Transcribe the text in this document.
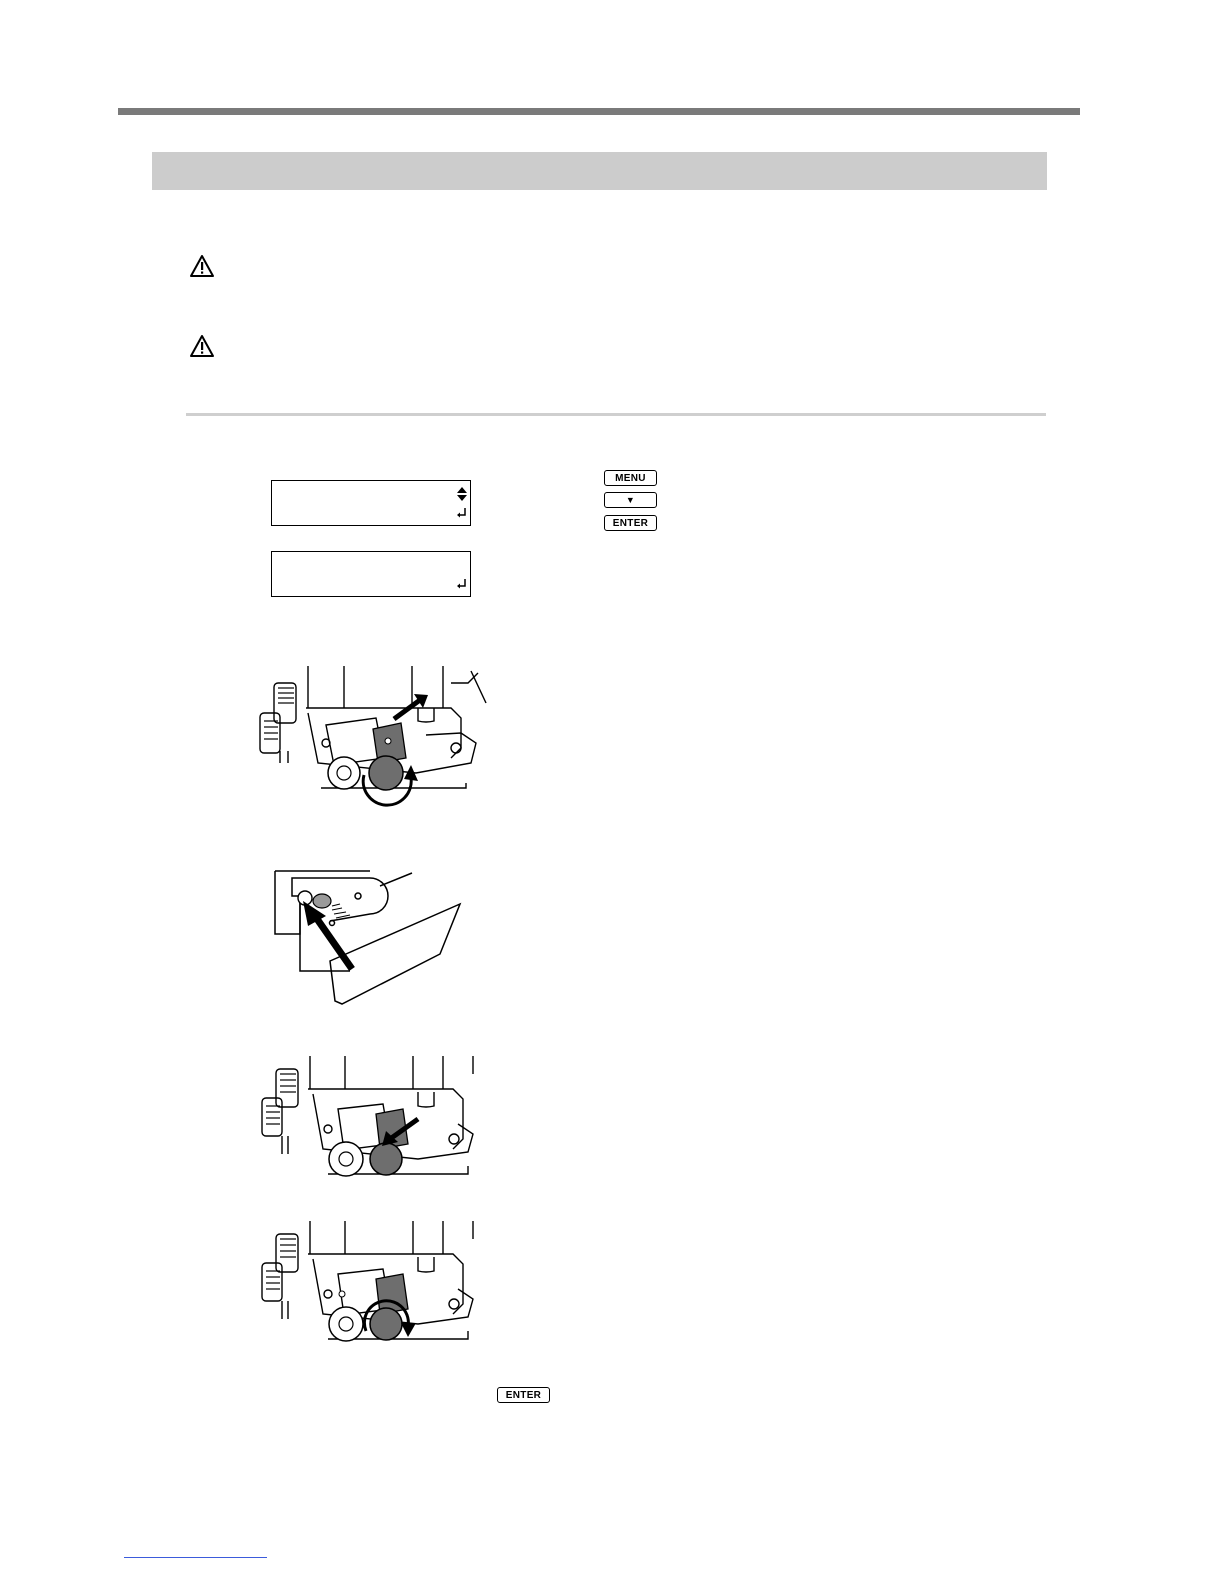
MENU
▼
ENTER
ENTER
